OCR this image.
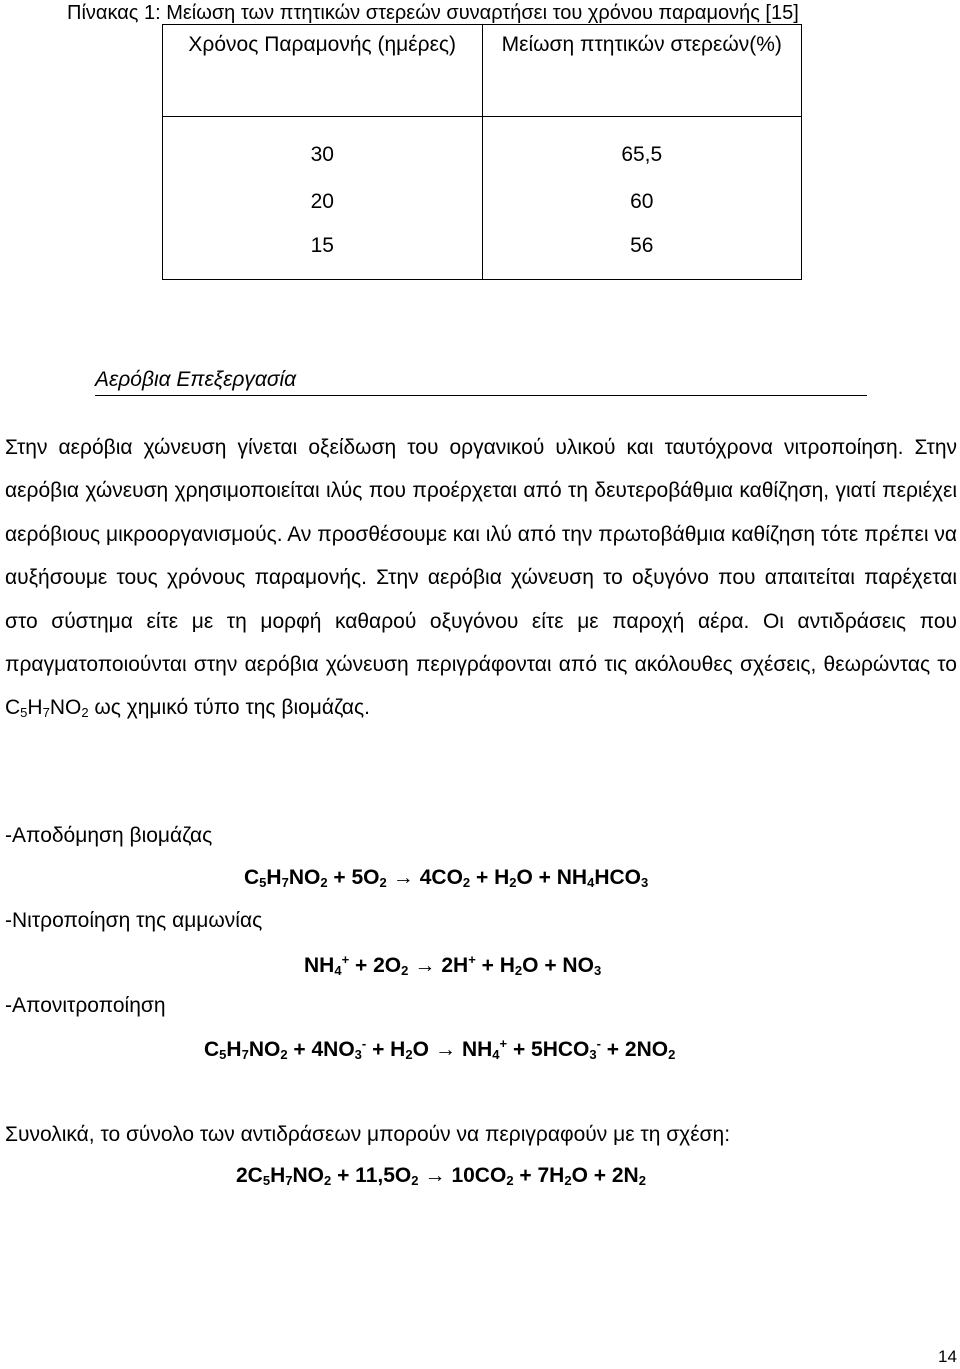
Πίνακας 1: Μείωση των πτητικών στερεών συναρτήσει του χρόνου παραμονής [15]
Χρόνος Παραμονής (ημέρες)	Μείωση πτητικών στερεών(%)
30	65,5
20	60
15	56
Αερόβια Επεξεργασία
Στην αερόβια χώνευση γίνεται οξείδωση του οργανικού υλικού και ταυτόχρονα νιτροποίηση. Στην αερόβια χώνευση χρησιμοποιείται ιλύς που προέρχεται από τη δευτεροβάθμια καθίζηση, γιατί περιέχει αερόβιους μικροοργανισμούς. Αν προσθέσουμε και ιλύ από την πρωτοβάθμια καθίζηση τότε πρέπει να αυξήσουμε τους χρόνους παραμονής. Στην αερόβια χώνευση το οξυγόνο που απαιτείται παρέχεται στο σύστημα είτε με τη μορφή καθαρού οξυγόνου είτε με παροχή αέρα. Οι αντιδράσεις που πραγματοποιούνται στην αερόβια χώνευση περιγράφονται από τις ακόλουθες σχέσεις, θεωρώντας το $C_5H_7NO_2$ ως χημικό τύπο της βιομάζας.
-Αποδόμηση βιομάζας
$C_5H_7NO_2 + 5O_2 \to 4CO_2 + H_2O + NH_4HCO_3$
-Νιτροποίηση της αμμωνίας
$NH_4^+ + 2O_2 \to 2H^+ + H_2O + NO_3$
-Απονιτροποίηση
$C_5H_7NO_2 + 4NO_3^- + H_2O \to NH_4^+ + 5HCO_3^- + 2NO_2$
Συνολικά, το σύνολο των αντιδράσεων μπορούν να περιγραφούν με τη σχέση:
$2C_5H_7NO_2 + 11,5O_2 \to 10CO_2 + 7H_2O + 2N_2$
14
